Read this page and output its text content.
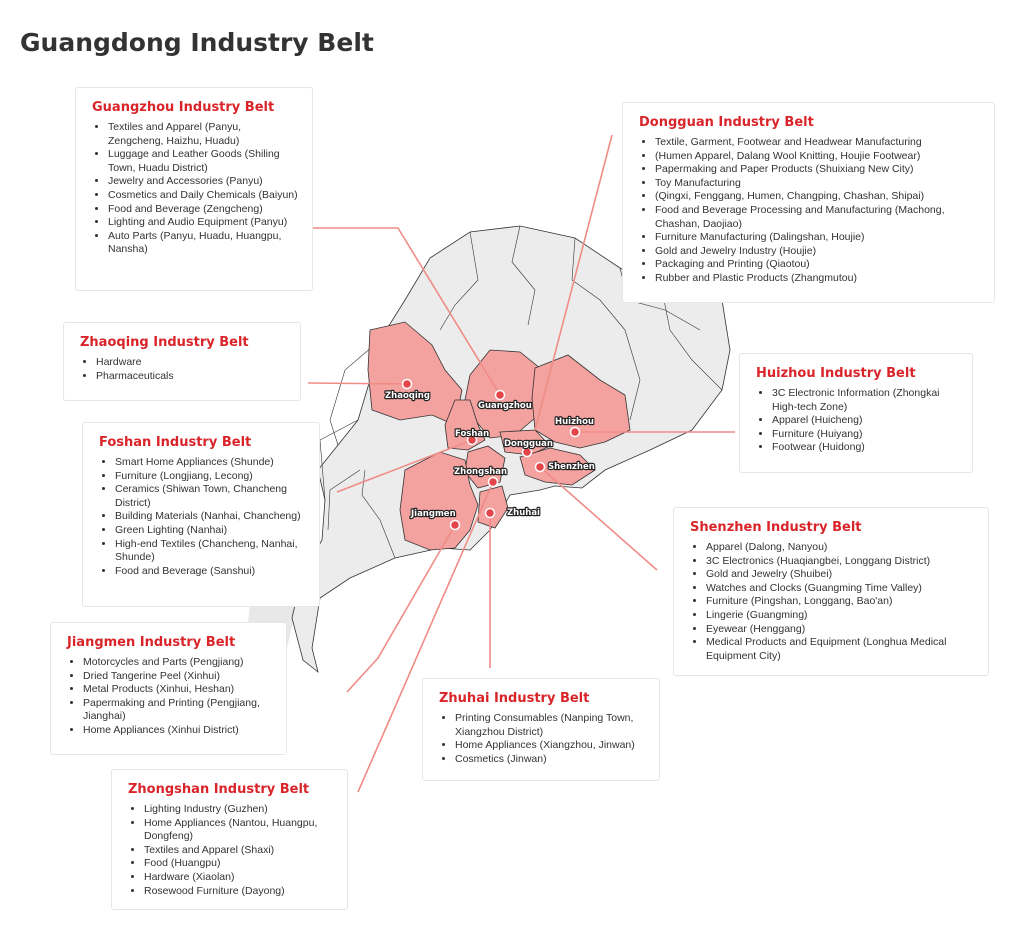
Guangdong Industry Belt
Zhaoqing
Guangzhou
Huizhou
Foshan
Dongguan
Shenzhen
Zhongshan
Jiangmen	Zhuhai
Guangzhou Industry Belt
• Textiles and Apparel (Panyu, Zengcheng, Haizhu, Huadu)
• Luggage and Leather Goods (Shiling Town, Huadu District)
• Jewelry and Accessories (Panyu)
• Cosmetics and Daily Chemicals (Baiyun)
• Food and Beverage (Zengcheng)
• Lighting and Audio Equipment (Panyu)
• Auto Parts (Panyu, Huadu, Huangpu, Nansha)
Dongguan Industry Belt
• Textile, Garment, Footwear and Headwear Manufacturing
• (Humen Apparel, Dalang Wool Knitting, Houjie Footwear)
• Papermaking and Paper Products (Shuixiang New City)
• Toy Manufacturing
• (Qingxi, Fenggang, Humen, Changping, Chashan, Shipai)
• Food and Beverage Processing and Manufacturing (Machong, Chashan, Daojiao)
• Furniture Manufacturing (Dalingshan, Houjie)
• Gold and Jewelry Industry (Houjie)
• Packaging and Printing (Qiaotou)
• Rubber and Plastic Products (Zhangmutou)
Zhaoqing Industry Belt
• Hardware
• Pharmaceuticals	Huizhou Industry Belt
• 3C Electronic Information (Zhongkai High-tech Zone)
• Apparel (Huicheng)
• Furniture (Huiyang)
• Footwear (Huidong)
Foshan Industry Belt
• Smart Home Appliances (Shunde)
• Furniture (Longjiang, Lecong)
• Ceramics (Shiwan Town, Chancheng District)
• Building Materials (Nanhai, Chancheng)
• Green Lighting (Nanhai)
• High-end Textiles (Chancheng, Nanhai, Shunde)
• Food and Beverage (Sanshui)
Shenzhen Industry Belt
• Apparel (Dalong, Nanyou)
• 3C Electronics (Huaqiangbei, Longgang District)
• Gold and Jewelry (Shuibei)
• Watches and Clocks (Guangming Time Valley)
• Furniture (Pingshan, Longgang, Bao'an)
• Lingerie (Guangming)
• Eyewear (Henggang)
• Medical Products and Equipment (Longhua Medical Equipment City)
Jiangmen Industry Belt
• Motorcycles and Parts (Pengjiang)
• Dried Tangerine Peel (Xinhui)
• Metal Products (Xinhui, Heshan)
• Papermaking and Printing (Pengjiang, Jianghai)
• Home Appliances (Xinhui District)
Zhuhai Industry Belt
• Printing Consumables (Nanping Town, Xiangzhou District)
• Home Appliances (Xiangzhou, Jinwan)
• Cosmetics (Jinwan)
Zhongshan Industry Belt
• Lighting Industry (Guzhen)
• Home Appliances (Nantou, Huangpu, Dongfeng)
• Textiles and Apparel (Shaxi)
• Food (Huangpu)
• Hardware (Xiaolan)
• Rosewood Furniture (Dayong)
